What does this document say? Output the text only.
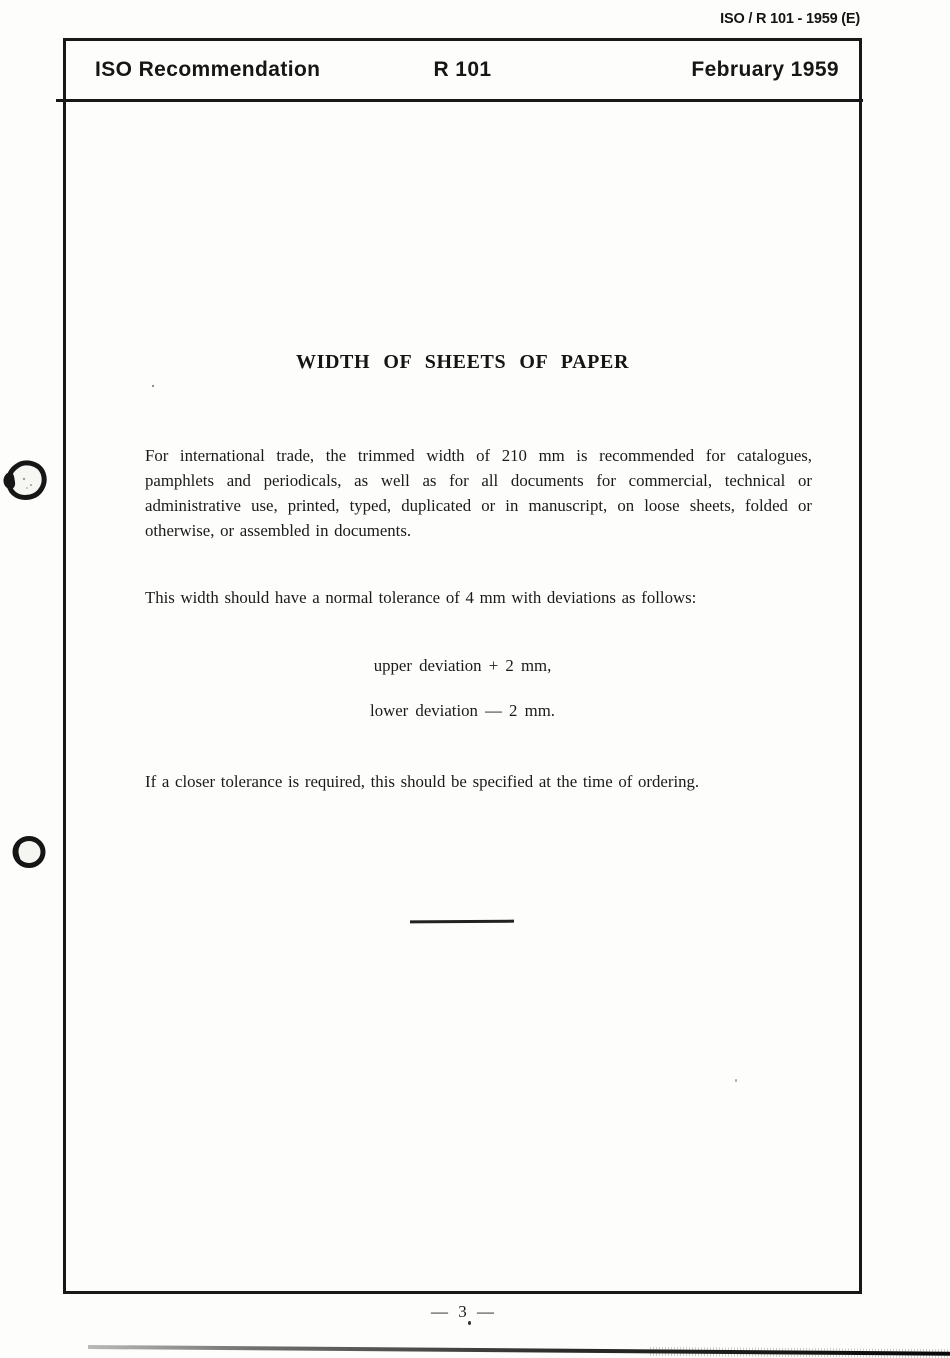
ISO / R 101 - 1959 (E)
ISO Recommendation	R 101	February 1959
WIDTH OF SHEETS OF PAPER
For international trade, the trimmed width of 210 mm is recommended for catalogues, pamphlets and periodicals, as well as for all documents for commercial, technical or administrative use, printed, typed, duplicated or in manuscript, on loose sheets, folded or otherwise, or assembled in documents.
This width should have a normal tolerance of 4 mm with deviations as follows:
upper deviation + 2 mm,
lower deviation — 2 mm.
If a closer tolerance is required, this should be specified at the time of ordering.
— 3 —
